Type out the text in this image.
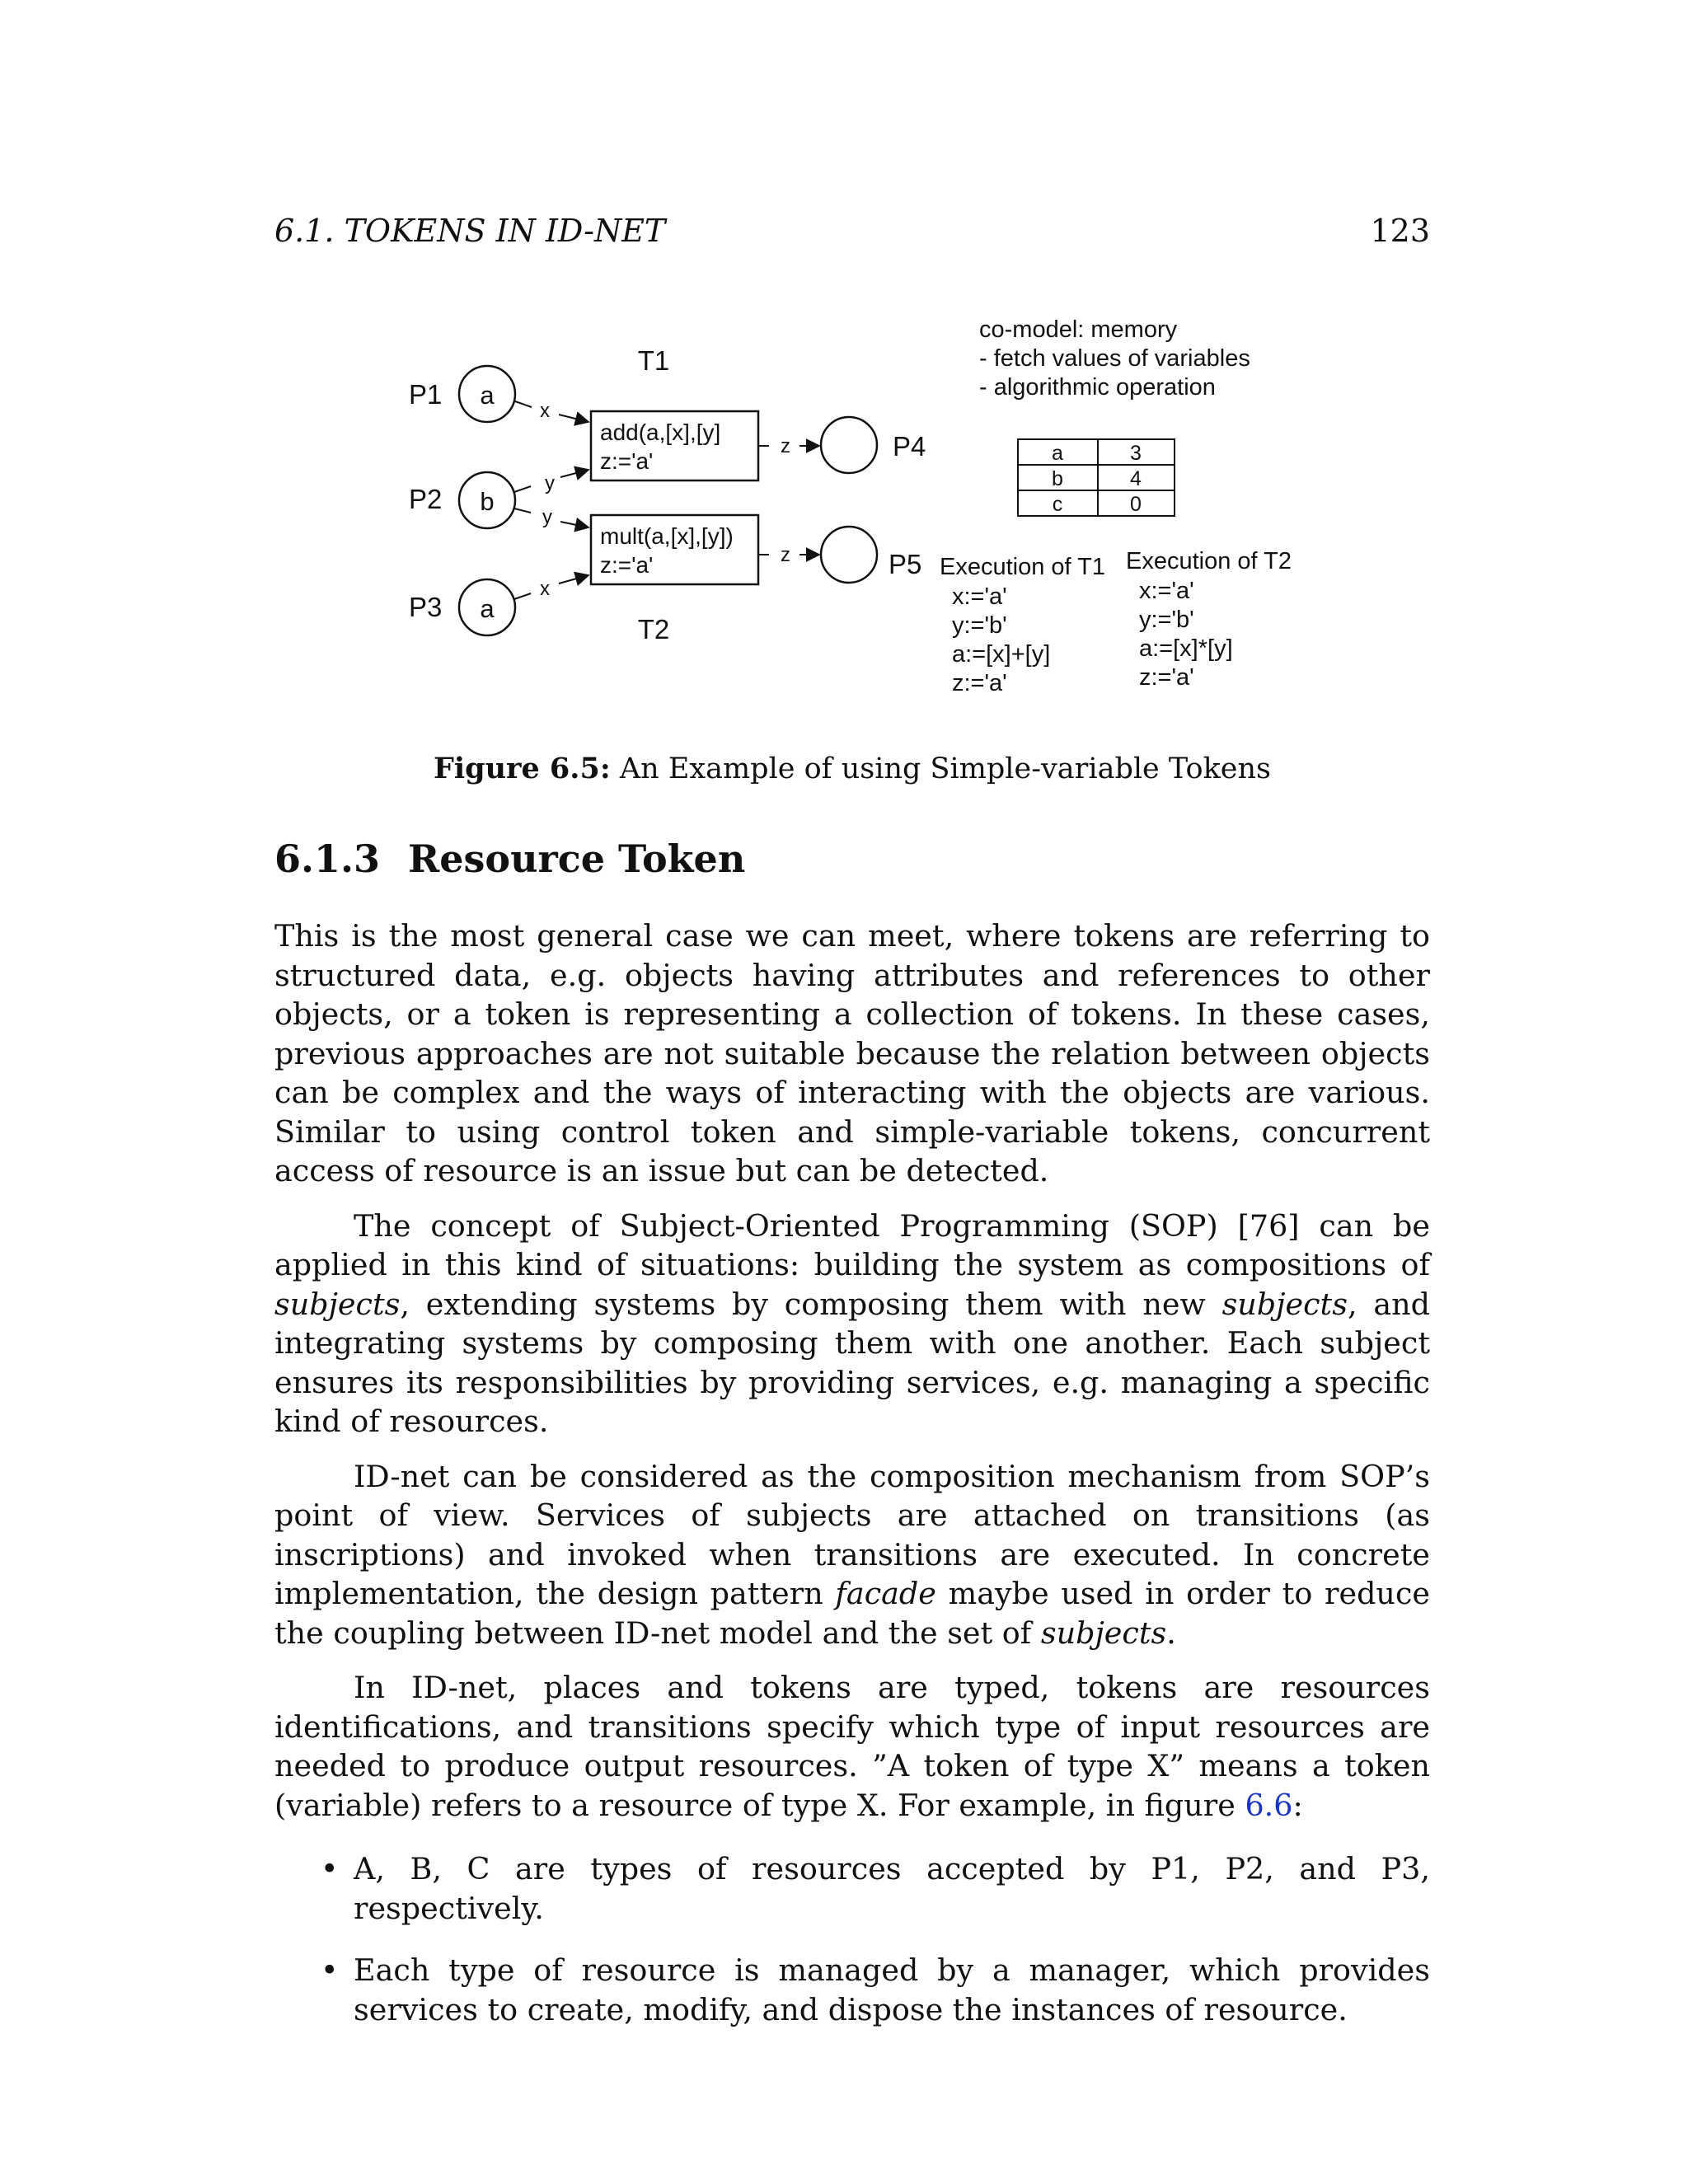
6.1. TOKENS IN ID-NET	123
P1
P2
P3
a
b
a
P4
P5
T1
add(a,[x],[y]
z:='a'
mult(a,[x],[y])
z:='a'
T2
x
y
y
x
z
z
co-model: memory
- fetch values of variables
- algorithmic operation
a	3
b	4
c	0
Execution of T1
x:='a'
y:='b'
a:=[x]+[y]
z:='a'
Execution of T2
x:='a'
y:='b'
a:=[x]*[y]
z:='a'
Figure 6.5: An Example of using Simple-variable Tokens
6.1.3 Resource Token

This is the most general case we can meet, where tokens are referring to structured data, e.g. objects having attributes and references to other objects, or a token is representing a collection of tokens. In these cases, previous approaches are not suitable because the relation between objects can be complex and the ways of interacting with the objects are various. Similar to using control token and simple-variable tokens, concurrent access of resource is an issue but can be detected.

The concept of Subject-Oriented Programming (SOP) [76] can be applied in this kind of situations: building the system as compositions of subjects, extending systems by composing them with new subjects, and integrating systems by composing them with one another. Each subject ensures its responsibilities by providing services, e.g. managing a specific kind of resources.

ID-net can be considered as the composition mechanism from SOP’s point of view. Services of subjects are attached on transitions (as inscriptions) and invoked when transitions are executed. In concrete implementation, the design pattern facade maybe used in order to reduce the coupling between ID-net model and the set of subjects.

In ID-net, places and tokens are typed, tokens are resources identifications, and transitions specify which type of input resources are needed to produce output resources. ”A token of type X” means a token (variable) refers to a resource of type X. For example, in figure 6.6:

• A, B, C are types of resources accepted by P1, P2, and P3, respectively.
• Each type of resource is managed by a manager, which provides services to create, modify, and dispose the instances of resource.
